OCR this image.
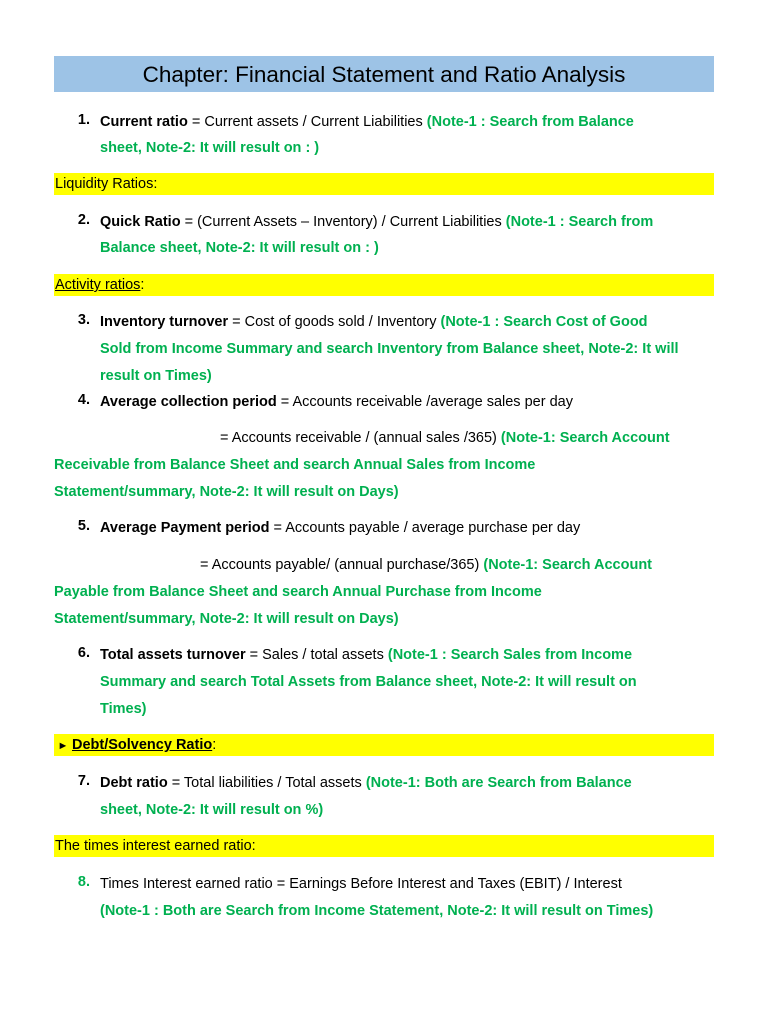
Chapter: Financial Statement and Ratio Analysis
1. Current ratio = Current assets / Current Liabilities (Note-1 : Search from Balance
sheet, Note-2: It will result on : )
Liquidity Ratios:
2. Quick Ratio = (Current Assets – Inventory) / Current Liabilities (Note-1 : Search from
Balance sheet, Note-2: It will result on : )
Activity ratios:
3. Inventory turnover = Cost of goods sold / Inventory (Note-1 : Search Cost of Good
Sold from Income Summary and search Inventory from Balance sheet, Note-2: It will
result on Times)
4. Average collection period = Accounts receivable /average sales per day
= Accounts receivable / (annual sales /365) (Note-1: Search Account
Receivable from Balance Sheet and search Annual Sales from Income
Statement/summary, Note-2: It will result on Days)
5. Average Payment period = Accounts payable / average purchase per day
= Accounts payable/ (annual purchase/365) (Note-1: Search Account
Payable from Balance Sheet and search Annual Purchase from Income
Statement/summary, Note-2: It will result on Days)
6. Total assets turnover = Sales / total assets (Note-1 : Search Sales from Income
Summary and search Total Assets from Balance sheet, Note-2: It will result on
Times)
► Debt/Solvency Ratio:
7. Debt ratio = Total liabilities / Total assets (Note-1: Both are Search from Balance
sheet, Note-2: It will result on %)
The times interest earned ratio:
8. Times Interest earned ratio = Earnings Before Interest and Taxes (EBIT) / Interest
(Note-1 : Both are Search from Income Statement, Note-2: It will result on Times)
